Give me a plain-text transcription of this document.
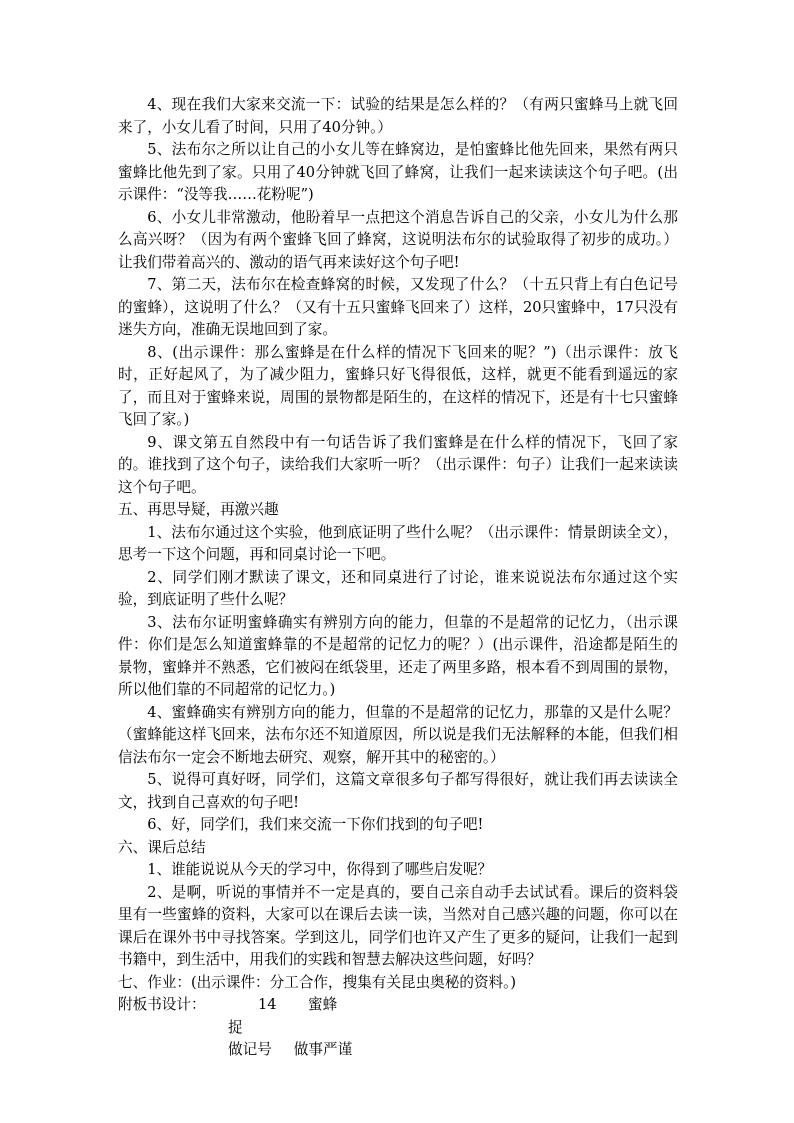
4、现在我们大家来交流一下：试验的结果是怎么样的？（有两只蜜蜂马上就飞回来了，小女儿看了时间，只用了40分钟。）

5、法布尔之所以让自己的小女儿等在蜂窝边，是怕蜜蜂比他先回来，果然有两只蜜蜂比他先到了家。只用了40分钟就飞回了蜂窝，让我们一起来读读这个句子吧。(出示课件：“没等我……花粉呢”)

6、小女儿非常激动，他盼着早一点把这个消息告诉自己的父亲，小女儿为什么那么高兴呀？（因为有两个蜜蜂飞回了蜂窝，这说明法布尔的试验取得了初步的成功。）让我们带着高兴的、激动的语气再来读好这个句子吧!

7、第二天，法布尔在检查蜂窝的时候，又发现了什么？（十五只背上有白色记号的蜜蜂），这说明了什么？（又有十五只蜜蜂飞回来了）这样，20只蜜蜂中，17只没有迷失方向，准确无误地回到了家。

8、(出示课件：那么蜜蜂是在什么样的情况下飞回来的呢？”)（出示课件：放飞时，正好起风了，为了减少阻力，蜜蜂只好飞得很低，这样，就更不能看到遥远的家了，而且对于蜜蜂来说，周围的景物都是陌生的，在这样的情况下，还是有十七只蜜蜂飞回了家。)

9、课文第五自然段中有一句话告诉了我们蜜蜂是在什么样的情况下，飞回了家的。谁找到了这个句子，读给我们大家听一听？（出示课件：句子）让我们一起来读读这个句子吧。

五、再思导疑，再激兴趣

1、法布尔通过这个实验，他到底证明了些什么呢？（出示课件：情景朗读全文），思考一下这个问题，再和同桌讨论一下吧。

2、同学们刚才默读了课文，还和同桌进行了讨论，谁来说说法布尔通过这个实验，到底证明了些什么呢？

3、法布尔证明蜜蜂确实有辨别方向的能力，但靠的不是超常的记忆力，（出示课件：你们是怎么知道蜜蜂靠的不是超常的记忆力的呢？）(出示课件，沿途都是陌生的景物，蜜蜂并不熟悉，它们被闷在纸袋里，还走了两里多路，根本看不到周围的景物，所以他们靠的不同超常的记忆力。)

4、蜜蜂确实有辨别方向的能力，但靠的不是超常的记忆力，那靠的又是什么呢？（蜜蜂能这样飞回来，法布尔还不知道原因，所以说是我们无法解释的本能，但我们相信法布尔一定会不断地去研究、观察，解开其中的秘密的。）

5、说得可真好呀，同学们，这篇文章很多句子都写得很好，就让我们再去读读全文，找到自己喜欢的句子吧!

6、好，同学们，我们来交流一下你们找到的句子吧!

六、课后总结

1、谁能说说从今天的学习中，你得到了哪些启发呢？

2、是啊，听说的事情并不一定是真的，要自己亲自动手去试试看。课后的资料袋里有一些蜜蜂的资料，大家可以在课后去读一读，当然对自己感兴趣的问题，你可以在课后在课外书中寻找答案。学到这儿，同学们也许又产生了更多的疑问，让我们一起到书籍中，到生活中，用我们的实践和智慧去解决这些问题，好吗？

七、作业：(出示课件：分工合作，搜集有关昆虫奥秘的资料。)

附板书设计：	14	蜜蜂
捉
做记号 做事严谨
